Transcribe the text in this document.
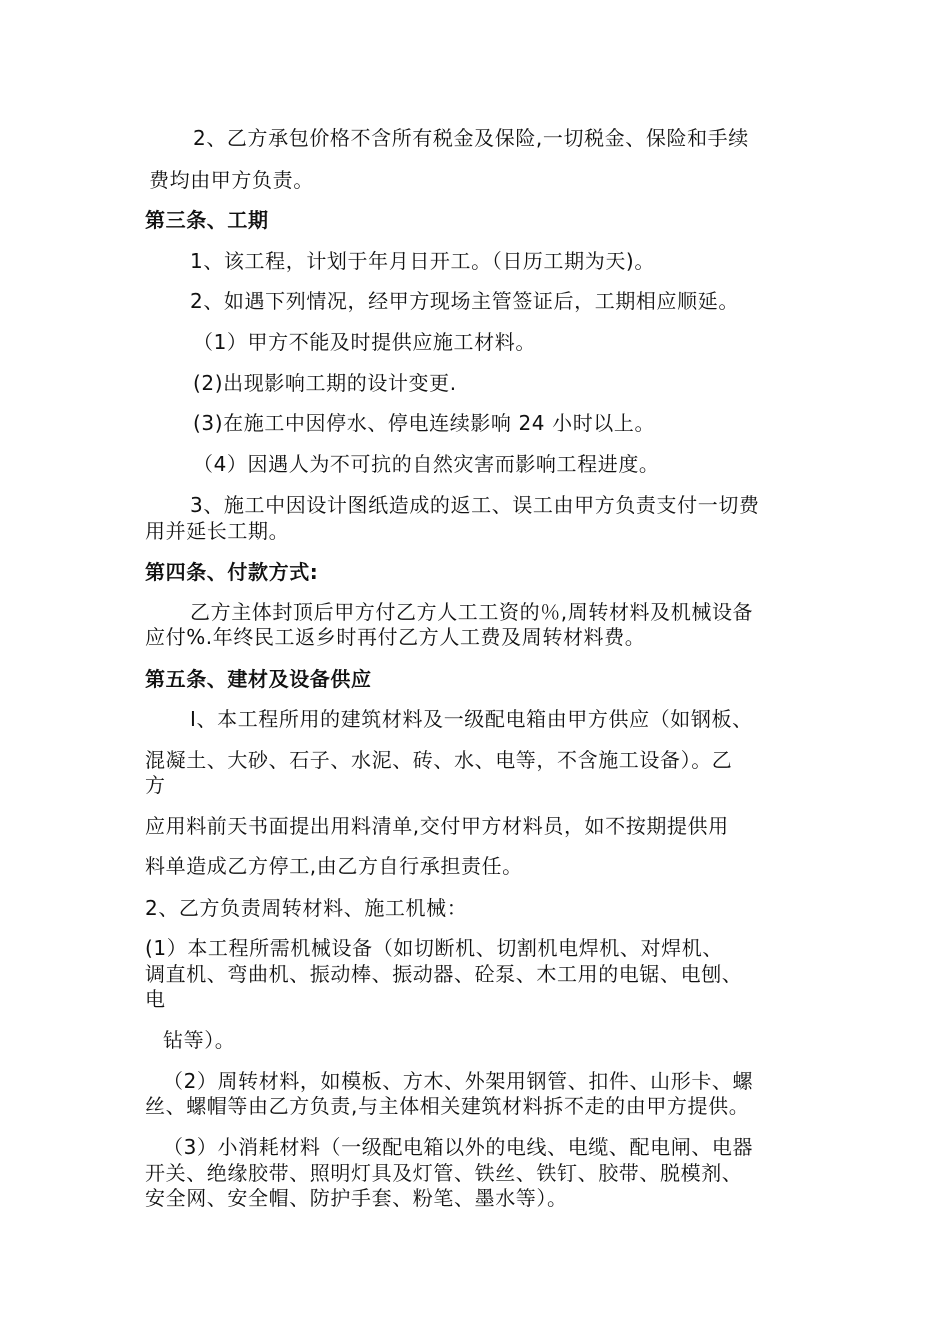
2、乙方承包价格不含所有税金及保险,一切税金、保险和手续
费均由甲方负责。
第三条、工期
1、该工程，计划于年月日开工。（日历工期为天)。
2、如遇下列情况，经甲方现场主管签证后，工期相应顺延。
（1）甲方不能及时提供应施工材料。
(2)出现影响工期的设计变更.
(3)在施工中因停水、停电连续影响 24 小时以上。
（4）因遇人为不可抗的自然灾害而影响工程进度。
3、施工中因设计图纸造成的返工、误工由甲方负责支付一切费
用并延长工期。
第四条、付款方式:
乙方主体封顶后甲方付乙方人工工资的％,周转材料及机械设备
应付%.年终民工返乡时再付乙方人工费及周转材料费。
第五条、建材及设备供应
I、本工程所用的建筑材料及一级配电箱由甲方供应（如钢板、
混凝土、大砂、石子、水泥、砖、水、电等，不含施工设备）。乙
方
应用料前天书面提出用料清单,交付甲方材料员，如不按期提供用
料单造成乙方停工,由乙方自行承担责任。
2、乙方负责周转材料、施工机械：
(1）本工程所需机械设备（如切断机、切割机电焊机、对焊机、
调直机、弯曲机、振动棒、振动器、砼泵、木工用的电锯、电刨、
电
钻等）。
（2）周转材料，如模板、方木、外架用钢管、扣件、山形卡、螺
丝、螺帽等由乙方负责,与主体相关建筑材料拆不走的由甲方提供。
（3）小消耗材料（一级配电箱以外的电线、电缆、配电闸、电器
开关、绝缘胶带、照明灯具及灯管、铁丝、铁钉、胶带、脱模剂、
安全网、安全帽、防护手套、粉笔、墨水等）。
